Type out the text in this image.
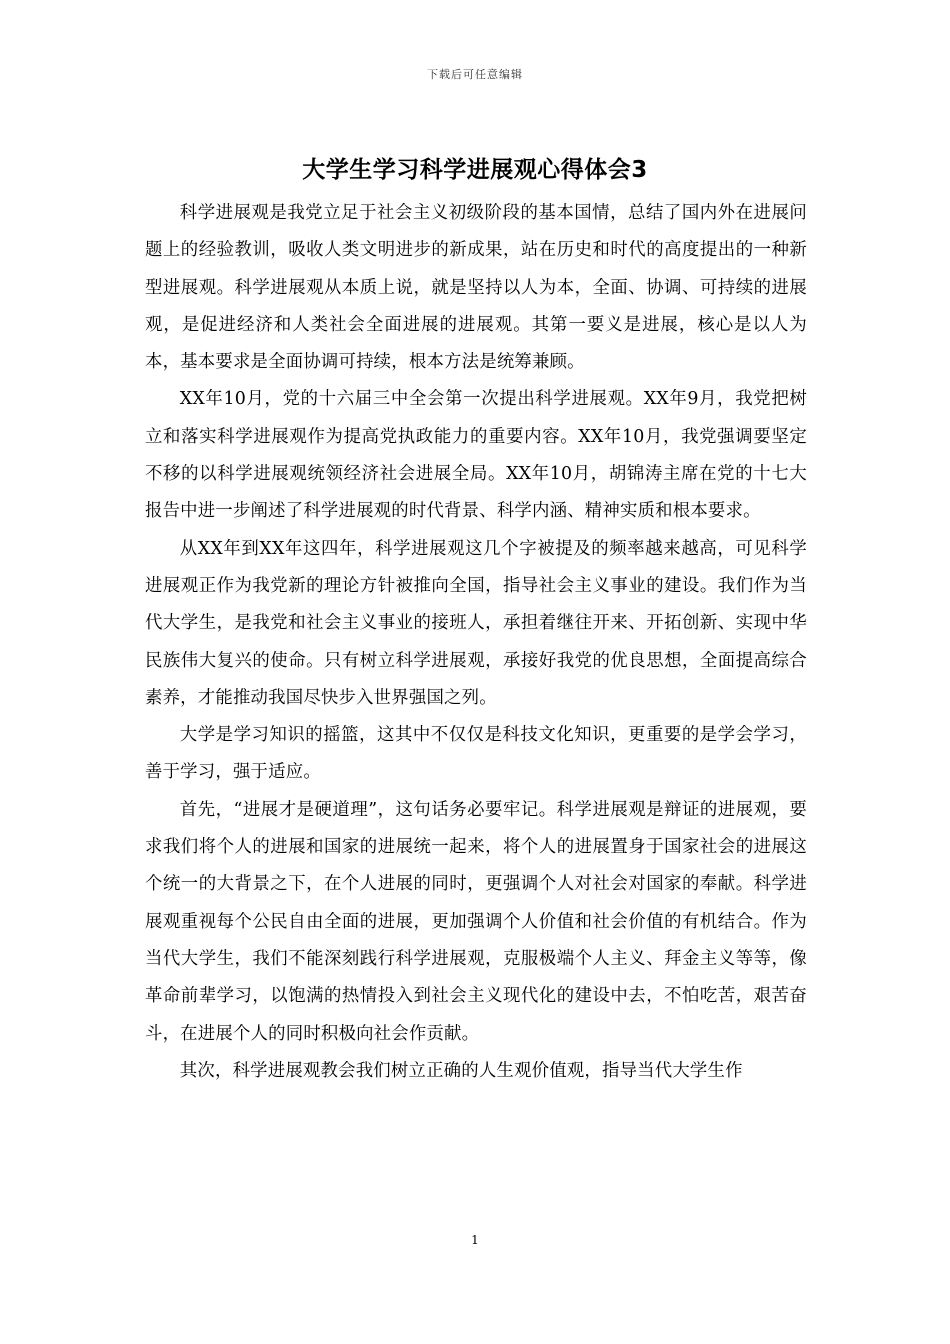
下载后可任意编辑
大学生学习科学进展观心得体会3

科学进展观是我党立足于社会主义初级阶段的基本国情，总结了国内外在进展问题上的经验教训，吸收人类文明进步的新成果，站在历史和时代的高度提出的一种新型进展观。科学进展观从本质上说，就是坚持以人为本，全面、协调、可持续的进展观，是促进经济和人类社会全面进展的进展观。其第一要义是进展，核心是以人为本，基本要求是全面协调可持续，根本方法是统筹兼顾。

XX年10月，党的十六届三中全会第一次提出科学进展观。XX年9月，我党把树立和落实科学进展观作为提高党执政能力的重要内容。XX年10月，我党强调要坚定不移的以科学进展观统领经济社会进展全局。XX年10月，胡锦涛主席在党的十七大报告中进一步阐述了科学进展观的时代背景、科学内涵、精神实质和根本要求。

从XX年到XX年这四年，科学进展观这几个字被提及的频率越来越高，可见科学进展观正作为我党新的理论方针被推向全国，指导社会主义事业的建设。我们作为当代大学生，是我党和社会主义事业的接班人，承担着继往开来、开拓创新、实现中华民族伟大复兴的使命。只有树立科学进展观，承接好我党的优良思想，全面提高综合素养，才能推动我国尽快步入世界强国之列。

大学是学习知识的摇篮，这其中不仅仅是科技文化知识，更重要的是学会学习，善于学习，强于适应。

首先，“进展才是硬道理”，这句话务必要牢记。科学进展观是辩证的进展观，要求我们将个人的进展和国家的进展统一起来，将个人的进展置身于国家社会的进展这个统一的大背景之下，在个人进展的同时，更强调个人对社会对国家的奉献。科学进展观重视每个公民自由全面的进展，更加强调个人价值和社会价值的有机结合。作为当代大学生，我们不能深刻践行科学进展观，克服极端个人主义、拜金主义等等，像革命前辈学习，以饱满的热情投入到社会主义现代化的建设中去，不怕吃苦，艰苦奋斗，在进展个人的同时积极向社会作贡献。

其次，科学进展观教会我们树立正确的人生观价值观，指导当代大学生作

1
